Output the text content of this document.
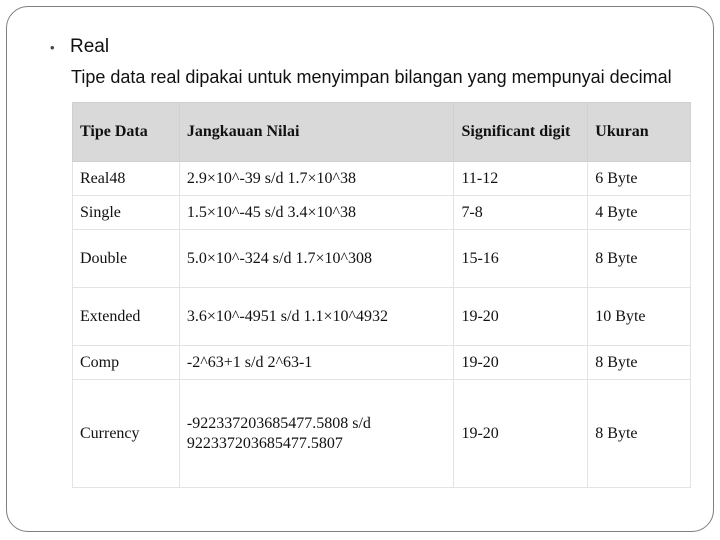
• Real
Tipe data real dipakai untuk menyimpan bilangan yang mempunyai decimal
Tipe Data	Jangkauan Nilai	Significant digit	Ukuran
Real48	2.9×10^-39 s/d 1.7×10^38	11-12	6 Byte
Single	1.5×10^-45 s/d 3.4×10^38	7-8	4 Byte
Double	5.0×10^-324 s/d 1.7×10^308	15-16	8 Byte
Extended	3.6×10^-4951 s/d 1.1×10^4932	19-20	10 Byte
Comp	-2^63+1 s/d 2^63-1	19-20	8 Byte
Currency	-922337203685477.5808 s/d 922337203685477.5807	19-20	8 Byte
